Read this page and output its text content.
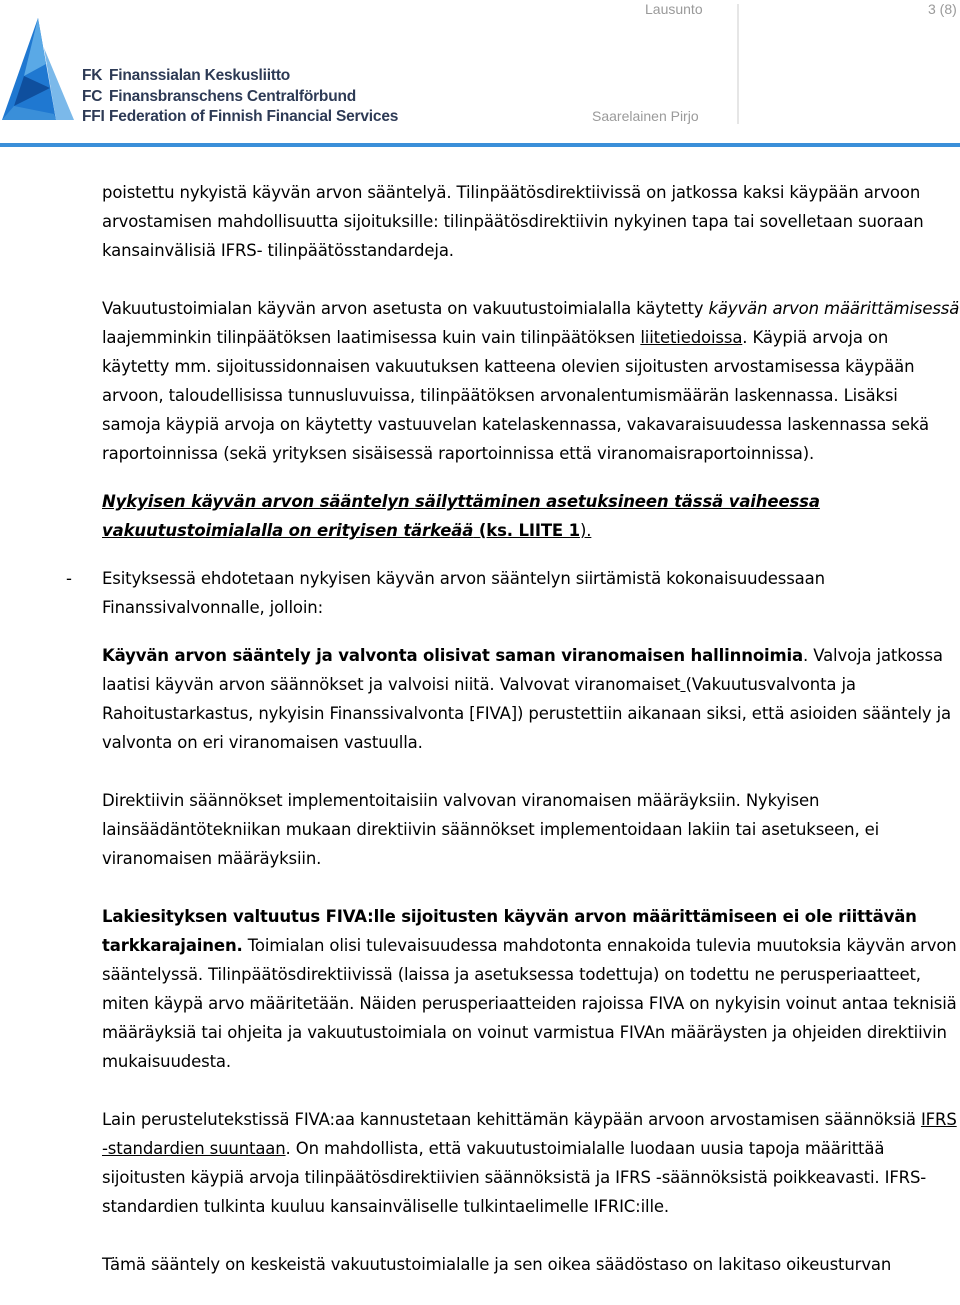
FK Finanssialan Keskusliitto
FC Finansbranschens Centralförbund
FFI Federation of Finnish Financial Services
Lausunto	3 (8)
Saarelainen Pirjo

poistettu nykyistä käyvän arvon sääntelyä. Tilinpäätösdirektiivissä on jatkossa kaksi käypään arvoon arvostamisen mahdollisuutta sijoituksille: tilinpäätösdirektiivin nykyinen tapa tai sovelletaan suoraan kansainvälisiä IFRS- tilinpäätösstandardeja.

Vakuutustoimialan käyvän arvon asetusta on vakuutustoimialalla käytetty käyvän arvon määrittämisessä laajemminkin tilinpäätöksen laatimisessa kuin vain tilinpäätöksen liitetiedoissa. Käypiä arvoja on käytetty mm. sijoitussidonnaisen vakuutuksen katteena olevien sijoitusten arvostamisessa käypään arvoon, taloudellisissa tunnusluvuissa, tilinpäätöksen arvonalentumismäärän laskennassa. Lisäksi samoja käypiä arvoja on käytetty vastuuvelan katelaskennassa, vakavaraisuudessa laskennassa sekä raportoinnissa (sekä yrityksen sisäisessä raportoinnissa että viranomaisraportoinnissa).

Nykyisen käyvän arvon sääntelyn säilyttäminen asetuksineen tässä vaiheessa vakuutustoimialalla on erityisen tärkeää (ks. LIITE 1).

- Esityksessä ehdotetaan nykyisen käyvän arvon sääntelyn siirtämistä kokonaisuudessaan Finanssivalvonnalle, jolloin:

Käyvän arvon sääntely ja valvonta olisivat saman viranomaisen hallinnoimia. Valvoja jatkossa laatisi käyvän arvon säännökset ja valvoisi niitä. Valvovat viranomaiset (Vakuutusvalvonta ja Rahoitustarkastus, nykyisin Finanssivalvonta [FIVA]) perustettiin aikanaan siksi, että asioiden sääntely ja valvonta on eri viranomaisen vastuulla.

Direktiivin säännökset implementoitaisiin valvovan viranomaisen määräyksiin. Nykyisen lainsäädäntötekniikan mukaan direktiivin säännökset implementoidaan lakiin tai asetukseen, ei viranomaisen määräyksiin.

Lakiesityksen valtuutus FIVA:lle sijoitusten käyvän arvon määrittämiseen ei ole riittävän tarkkarajainen. Toimialan olisi tulevaisuudessa mahdotonta ennakoida tulevia muutoksia käyvän arvon sääntelyssä. Tilinpäätösdirektiivissä (laissa ja asetuksessa todettuja) on todettu ne perusperiaatteet, miten käypä arvo määritetään. Näiden perusperiaatteiden rajoissa FIVA on nykyisin voinut antaa teknisiä määräyksiä tai ohjeita ja vakuutustoimiala on voinut varmistua FIVAn määräysten ja ohjeiden direktiivin mukaisuudesta.

Lain perustelutekstissä FIVA:aa kannustetaan kehittämän käypään arvoon arvostamisen säännöksiä IFRS -standardien suuntaan. On mahdollista, että vakuutustoimialalle luodaan uusia tapoja määrittää sijoitusten käypiä arvoja tilinpäätösdirektiivien säännöksistä ja IFRS -säännöksistä poikkeavasti. IFRS-standardien tulkinta kuuluu kansainväliselle tulkintaelimelle IFRIC:ille.

Tämä sääntely on keskeistä vakuutustoimialalle ja sen oikea säädöstaso on lakitaso oikeusturvan
